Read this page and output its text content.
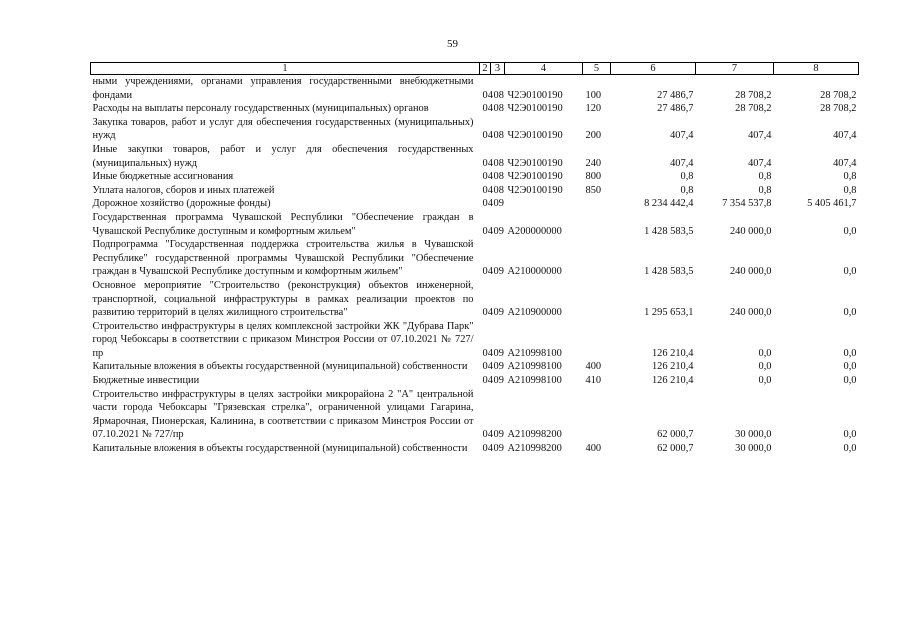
59
1	2	3	4	5	6	7	8
ными учреждениями, органами управления государственными внебюджетными фондами	04	08	Ч2Э0100190	100	27 486,7	28 708,2	28 708,2
Расходы на выплаты персоналу государственных (муниципальных) органов	04	08	Ч2Э0100190	120	27 486,7	28 708,2	28 708,2
Закупка товаров, работ и услуг для обеспечения государственных (муниципальных) нужд	04	08	Ч2Э0100190	200	407,4	407,4	407,4
Иные закупки товаров, работ и услуг для обеспечения государственных (муниципальных) нужд	04	08	Ч2Э0100190	240	407,4	407,4	407,4
Иные бюджетные ассигнования	04	08	Ч2Э0100190	800	0,8	0,8	0,8
Уплата налогов, сборов и иных платежей	04	08	Ч2Э0100190	850	0,8	0,8	0,8
Дорожное хозяйство (дорожные фонды)	04	09			8 234 442,4	7 354 537,8	5 405 461,7
Государственная программа Чувашской Республики "Обеспечение граждан в Чувашской Республике доступным и комфортным жильем"	04	09	А200000000		1 428 583,5	240 000,0	0,0
Подпрограмма "Государственная поддержка строительства жилья в Чувашской Республике" государственной программы Чувашской Республики "Обеспечение граждан в Чувашской Республике доступным и комфортным жильем"	04	09	А210000000		1 428 583,5	240 000,0	0,0
Основное мероприятие "Строительство (реконструкция) объектов инженерной, транспортной, социальной инфраструктуры в рамках реализации проектов по развитию территорий в целях жилищного строительства"	04	09	А210900000		1 295 653,1	240 000,0	0,0
Строительство инфраструктуры в целях комплексной застройки ЖК "Дубрава Парк" город Чебоксары в соответствии с приказом Минстроя России от 07.10.2021 № 727/пр	04	09	А210998100		126 210,4	0,0	0,0
Капитальные вложения в объекты государственной (муниципальной) собственности	04	09	А210998100	400	126 210,4	0,0	0,0
Бюджетные инвестиции	04	09	А210998100	410	126 210,4	0,0	0,0
Строительство инфраструктуры в целях застройки микрорайона 2 "А" центральной части города Чебоксары "Грязевская стрелка", ограниченной улицами Гагарина, Ярмарочная, Пионерская, Калинина, в соответствии с приказом Минстроя России от 07.10.2021 № 727/пр	04	09	А210998200		62 000,7	30 000,0	0,0
Капитальные вложения в объекты государственной (муниципальной) собственности	04	09	А210998200	400	62 000,7	30 000,0	0,0
